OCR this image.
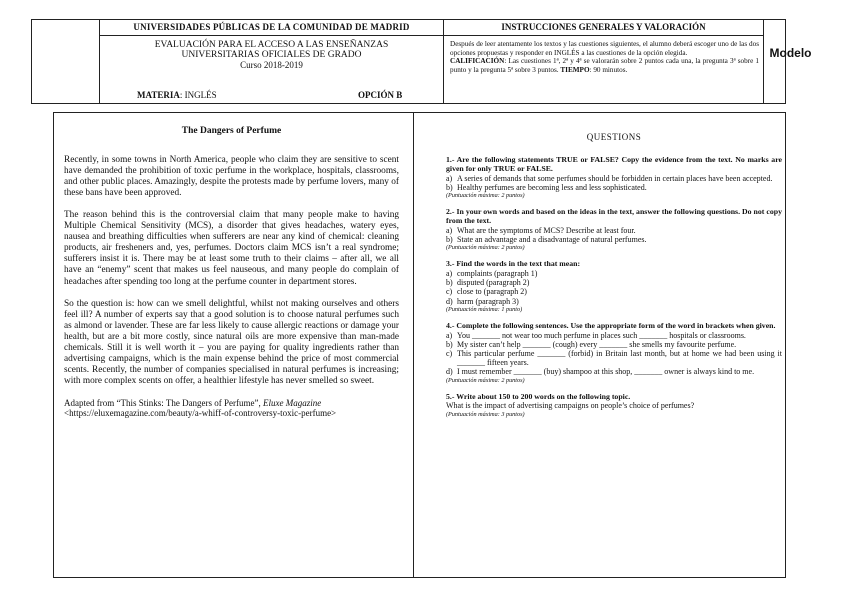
UNIVERSIDADES PÚBLICAS DE LA COMUNIDAD DE MADRID
EVALUACIÓN PARA EL ACCESO A LAS ENSEÑANZAS
UNIVERSITARIAS OFICIALES DE GRADO
Curso 2018-2019
MATERIA: INGLÉS	OPCIÓN B
INSTRUCCIONES GENERALES Y VALORACIÓN
Después de leer atentamente los textos y las cuestiones siguientes, el alumno deberá escoger uno de las dos opciones propuestas y responder en INGLÉS a las cuestiones de la opción elegida.
CALIFICACIÓN: Las cuestiones 1ª, 2ª y 4ª se valorarán sobre 2 puntos cada una, la pregunta 3ª sobre 1 punto y la pregunta 5ª sobre 3 puntos. TIEMPO: 90 minutos.
Modelo
The Dangers of Perfume

Recently, in some towns in North America, people who claim they are sensitive to scent have demanded the prohibition of toxic perfume in the workplace, hospitals, classrooms, and other public places. Amazingly, despite the protests made by perfume lovers, many of these bans have been approved.

The reason behind this is the controversial claim that many people make to having Multiple Chemical Sensitivity (MCS), a disorder that gives headaches, watery eyes, nausea and breathing difficulties when sufferers are near any kind of chemical: cleaning products, air fresheners and, yes, perfumes. Doctors claim MCS isn’t a real syndrome; sufferers insist it is. There may be at least some truth to their claims – after all, we all have an “enemy” scent that makes us feel nauseous, and many people do complain of headaches after spending too long at the perfume counter in department stores.

So the question is: how can we smell delightful, whilst not making ourselves and others feel ill? A number of experts say that a good solution is to choose natural perfumes such as almond or lavender. These are far less likely to cause allergic reactions or damage your health, but are a bit more costly, since natural oils are more expensive than man-made chemicals. Still it is well worth it – you are paying for quality ingredients rather than advertising campaigns, which is the main expense behind the price of most commercial scents. Recently, the number of companies specialised in natural perfumes is increasing; with more complex scents on offer, a healthier lifestyle has never smelled so sweet.

Adapted from “This Stinks: The Dangers of Perfume”, Eluxe Magazine
<https://eluxemagazine.com/beauty/a-whiff-of-controversy-toxic-perfume>

QUESTIONS
1.- Are the following statements TRUE or FALSE? Copy the evidence from the text. No marks are given for only TRUE or FALSE.
a) A series of demands that some perfumes should be forbidden in certain places have been accepted.
b) Healthy perfumes are becoming less and less sophisticated.
(Puntuación máxima: 2 puntos)
2.- In your own words and based on the ideas in the text, answer the following questions. Do not copy from the text.
a) What are the symptoms of MCS? Describe at least four.
b) State an advantage and a disadvantage of natural perfumes.
(Puntuación máxima: 2 puntos)
3.- Find the words in the text that mean:
a) complaints (paragraph 1)
b) disputed (paragraph 2)
c) close to (paragraph 2)
d) harm (paragraph 3)
(Puntuación máxima: 1 punto)
4.- Complete the following sentences. Use the appropriate form of the word in brackets when given.
a) You _______ not wear too much perfume in places such _______ hospitals or classrooms.
b) My sister can’t help _______ (cough) every _______ she smells my favourite perfume.
c) This particular perfume _______ (forbid) in Britain last month, but at home we had been using it _______ fifteen years.
d) I must remember _______ (buy) shampoo at this shop, _______ owner is always kind to me.
(Puntuación máxima: 2 puntos)
5.- Write about 150 to 200 words on the following topic.
What is the impact of advertising campaigns on people’s choice of perfumes?
(Puntuación máxima: 3 puntos)
